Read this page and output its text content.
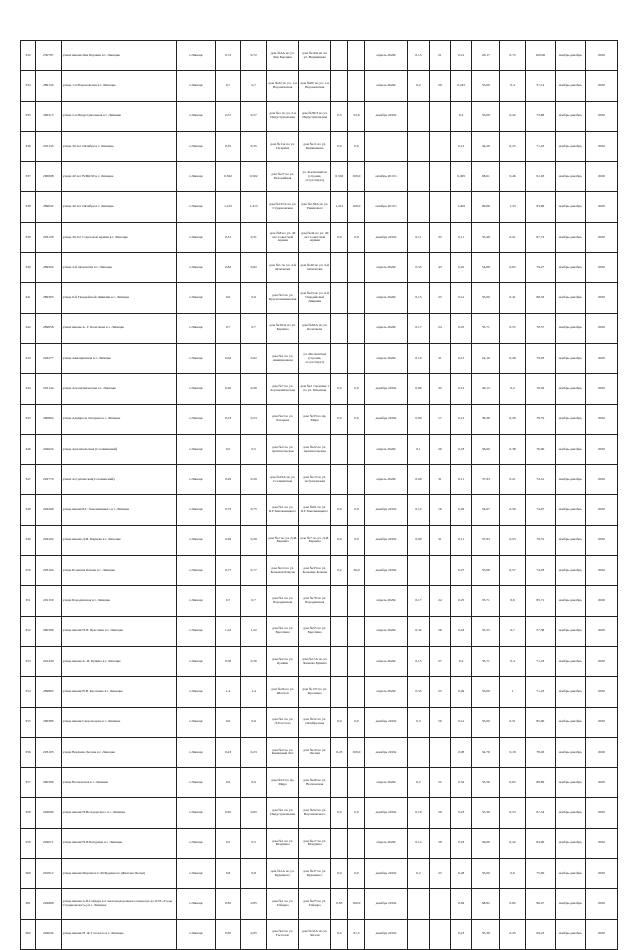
332	250797	улица имени Яна Берзина в г. Липецке	г.Липецк	0,72	0,72	дом №3А по ул. Яна Берзина	дом №16А и1 по ул. Вермишева			апрель 2020г.	0,15	21	0,21	29,17	0,72	100,00	ноябрь-декабрь	2020
334	289134	улица 1-я Вороновская в г. Липецке	г.Липецк	0,7	0,7	дом №22 по ул. 1-я Вороновская	дом №60 по ул. 1-я Вороновская			апрель 2020г.	0,2	29	0,245	35,00	0,4	57,14	ноябрь-декабрь	2020
335	289113	улица 2-я Индустриальная в г. Липецке	г.Липецк	0,57	0,57	дом №1 по ул. 2-я Индустриальная	дом №39/3 по ул. Индустриальная	0,3	52,6	декабрь 2019г.			0,2	35,09	0,42	73,68	ноябрь-декабрь	2020
336	291145	улица 30 лет Октября в г. Липецке	г.Липецк	0,35	0,35	дом №1/A по ул. Гагарина	дом №11 по ул. Кривенкова	0,0	0,0				0,12	34,29	0,25	71,43	ноябрь-декабрь	2020
337	290098	улица 40 лет ВЛКСМ в г. Липецке	г.Липецк	0,502	0,502	дом №27 по ул. Белорайная	ул. Космонавтов (строящ. отсутствует)	0,502	100,0	октябрь 2019 г.			0,495	98,61	0,46	91,63	ноябрь-декабрь	2020
338	289632	улица 40 лет Октября в г. Липецке	г.Липецк	1,415	1,415	дом №197А по ул. Студеновская	дом №159А по ул. Ушинского	1,415	100,0	октябрь 2019 г.			1,402	99,08	1,33	93,99	ноябрь-декабрь	2020
339	293128	улица 40 лет Советской Армии в г. Липецке	г.Липецк	0,31	0,31	дом №8 по ул. 40 лет Советской Армии	дом №44 по ул. 40 лет Советской Армии	0,0	0,0	декабрь 2019г.	0,11	35	0,11	35,48	0,21	67,74	ноябрь-декабрь	2020
340	289304	улица 4-й пятилетки в г. Липецке	г.Липецк	0,82	0,82	дом №1 по ул. 4-й пятилетки	дом №40 по ул. 4-й пятилетки			апрель 2020г.	0,35	43	0,45	54,88	0,65	79,27	ноябрь-декабрь	2020
341	289303	улица 6-й Гвардейской Дивизии в г. Липецке	г.Липецк	0,6	0,6	дом №5 по ул. Краснознаменская	дом №23 по ул. 6-й Гвардейской Дивизии			апрель 2020г.	0,15	25	0,21	35,00	0,41	68,33	ноябрь-декабрь	2020
342	289858	улица имени А. Г. Кочеткова в г. Липецке	г.Липецк	0,7	0,7	дом №39/А по ул. Берзина	дом №62А по ул. Кочеткова			апрель 2020г.	0,17	24	0,25	35,71	0,55	78,57	ноябрь-декабрь	2020
343	293277	улица Авиационная в г. Липецке	г.Липецк	0,62	0,62	дом №1 по ул. Авиационная	ул. Московская (строящ. отсутствует)			апрель 2020г.	0,19	31	0,15	24,19	0,49	79,03	ноябрь-декабрь	2020
344	291144	улица Агрономическая в г. Липецке	г.Липецк	0,26	0,26	дом №7 по ул. Агрономическая	дом №2 строение 1 по ул. Опытная	0,0	0,0	декабрь 2019г.	0,09	35	0,12	46,15	0,2	76,92	ноябрь-декабрь	2020
345	290804	улица Адмирала Лазарева в г. Липецке	г.Липецк	0,53	0,53	дом №2 по ул. Лазарева	дом №33 по пр. Мира	0,0	0,0	декабрь 2019г.	0,09	17	0,12	36,36	0,26	78,79	ноябрь-декабрь	2020
346	292024	улица Архангельская (Сселкинский)	г.Липецк	0,5	0,5	дом №2 по ул. Архангельская	дом №22 по ул. Архангельская			апрель 2020г.	0,1	20	0,18	36,00	0,38	76,00	ноябрь-декабрь	2020
347	292779	улица Астраханская(Сселкинский)	г.Липецк	0,29	0,29	дом №19А по ул. Сселкинская	дом №13 по ул. Астраханская			апрель 2020г.	0,09	31	0,11	37,93	0,21	72,41	ноябрь-декабрь	2020
348	292266	улица имени Б.Г. Хмельницкого в г. Липецке	г.Липецк	0,75	0,75	дом №1 по ул. Б.Г.Хмельницкого	дом №81 по ул. Б.Г.Хмельницкого	0,0	0,0	декабрь 2019г.	0,12	16	0,26	34,67	0,56	74,67	ноябрь-декабрь	2020
349	292202	улица имени Д.И. Бариева в г. Липецке	г.Липецк	0,29	0,29	дом №1 по ул. Д.И. Бариева	дом №7 по ул. Д.И. Бариева	0,0	0,0	декабрь 2019г.	0,09	31	0,11	37,93	0,23	79,31	ноябрь-декабрь	2020
350	293104	улица Большая Ключи в г. Липецке	г.Липецк	0,77	0,77	дом №14 по ул. Большая Ключи	дом №33 по ул. Большие Ключи	0,2	26,0	декабрь 2019г.			0,27	35,06	0,57	74,03	ноябрь-декабрь	2020
351	291150	улица Бородинская в г. Липецке	г.Липецк	0,7	0,7	дом №1 по ул. Бородинская	дом №78 по ул. Бородинская			апрель 2020г.	0,17	24	0,25	35,71	0,6	85,71	ноябрь-декабрь	2020
352	290399	улица имени Н.П. Бреслина в г. Липецке	г.Липецк	1,22	1,22	дом №1 по ул. Бреслина	дом №55 по ул. Бреслина			апрель 2020г.	0,32	26	0,43	35,25	0,7	57,38	ноябрь-декабрь	2020
353	291439	улица имени А. И. Бунина в г. Липецке	г.Липецк	0,56	0,56	дом №2 по ул. Бунина	дом №17А по ул. Чапаева Бунина			апрель 2020г.	0,15	27	0,2	35,71	0,4	71,43	ноябрь-декабрь	2020
354	289863	улица имени В.В. Кротенко в г. Липецке	г.Липецк	1,4	1,4	дом №26 по ул. Шалтон	дом №137 по ул. Кротенко			апрель 2020г.	0,35	25	0,49	35,00	1	71,43	ноябрь-декабрь	2020
355	290380	улица имени Скороходова в г. Липецке	г.Липецк	0,6	0,6	дом №1 по ул. Л.Толстого	дом №52 по ул. Октябрьская	0,0	0,0	декабрь 2019г.	0,3	50	0,21	35,00	0,51	85,00	ноябрь-декабрь	2020
356	293103	улица Верхняя Лесная в г. Липецке	г.Липецк	0,23	0,23	дом №2 по ул. Каменный Лог	дом №10 по ул. Лесная	0,23	100,0	декабрь 2019г.			0,08	34,78	0,18	78,26	ноябрь-декабрь	2020
357	290390	улица Волховская в г. Липецке	г.Липецк	0,9	0,9	дом №10 по пр. Мира	дом №48 по ул. Волховская			апрель 2020г.	0,2	22	0,32	35,56	0,62	68,89	ноябрь-декабрь	2020
358	294080	улица имени Н.Володарского в г. Липецке	г.Липецк	0,65	0,65	дом №1 по ул. Индустриальная	дом №32 по ул. Воронежского	0,0	0,0	декабрь 2019г.	0,18	28	0,23	35,38	0,53	81,54	ноябрь-декабрь	2020
359	294071	улица имени Н.П.Бачурина в г. Липецке	г.Липецк	0,5	0,5	дом №1 по ул. Бачурина	дом №17 по ул. Бачурина			апрель 2020г.	0,14	28	0,18	36,00	0,42	84,00	ноябрь-декабрь	2020
360	291812	улица имени Маршала С.М.Буденного (Желтые Пески)	г.Липецк	0,8	0,8	дом №1А по ул. Буденного	дом №37 по ул. Буденного	0,0	0,0	декабрь 2019г.	0,2	25	0,28	35,00	0,6	75,00	ноябрь-декабрь	2020
361	292668	улица имени А.П.Гайдара (от железнодорожного переезда до ОЭЗ «Сады Студеновского») в г. Липецке	г.Липецк	0,85	0,85	дом №1 по ул. Гайдара	дом №25 по ул. Гайдара	0,85	100,0	декабрь 2019г.			0,84	98,82	0,82	96,47	ноябрь-декабрь	2020
362	292634	улица имени Н. Ф. Гастелло в г. Липецке	г.Липецк	0,65	0,65	дом №2 по ул. Гастелло	дом №31А по ул. Зегеля	0,4	61,5	декабрь 2019г.			0,23	35,38	0,45	69,23	ноябрь-декабрь	2020
